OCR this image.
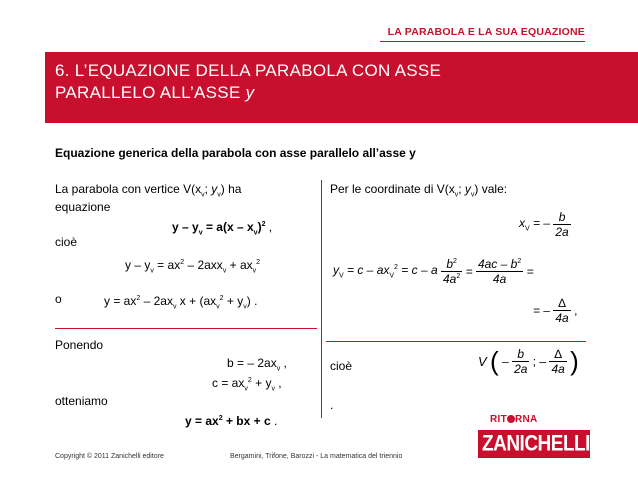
LA PARABOLA E LA SUA EQUAZIONE
6. L’EQUAZIONE DELLA PARABOLA CON ASSE
PARALLELO ALL’ASSE y
Equazione generica della parabola con asse parallelo all’asse y
La parabola con vertice $V(x_v$; $y_v$) ha
equazione
$y - y_v = a(x - x_v)^2$ ,
cioè
$y - y_v = ax^2 - 2axx_v + ax_v^2$
o	$y = ax^2 - 2ax_v$ $x + (ax_v^2 + y_v)$ .
Ponendo
b = – $2ax_v$ ,
$c = ax_v^2 + y_v$ ,
otteniamo
$y = ax^2$ + bx + c .
Per le coordinate di $V(x_v$; $y_v$) vale:
$x_V$ = – $\frac{b}{2a}$
$y_V = c - ax_V^2 = c - a \frac{b^2}{4a^2} = \frac{4ac - b^2}{4a}$ =
= – $\frac{\Delta}{4a}$ ,
cioè	V ( – $\frac{b}{2a}$ ; – $\frac{\Delta}{4a}$ )
.
RIT RNA
ZANICHELLI
Copyright © 2011 Zanichelli editore	Bergamini, Trifone, Barozzi - La matematica del triennio
